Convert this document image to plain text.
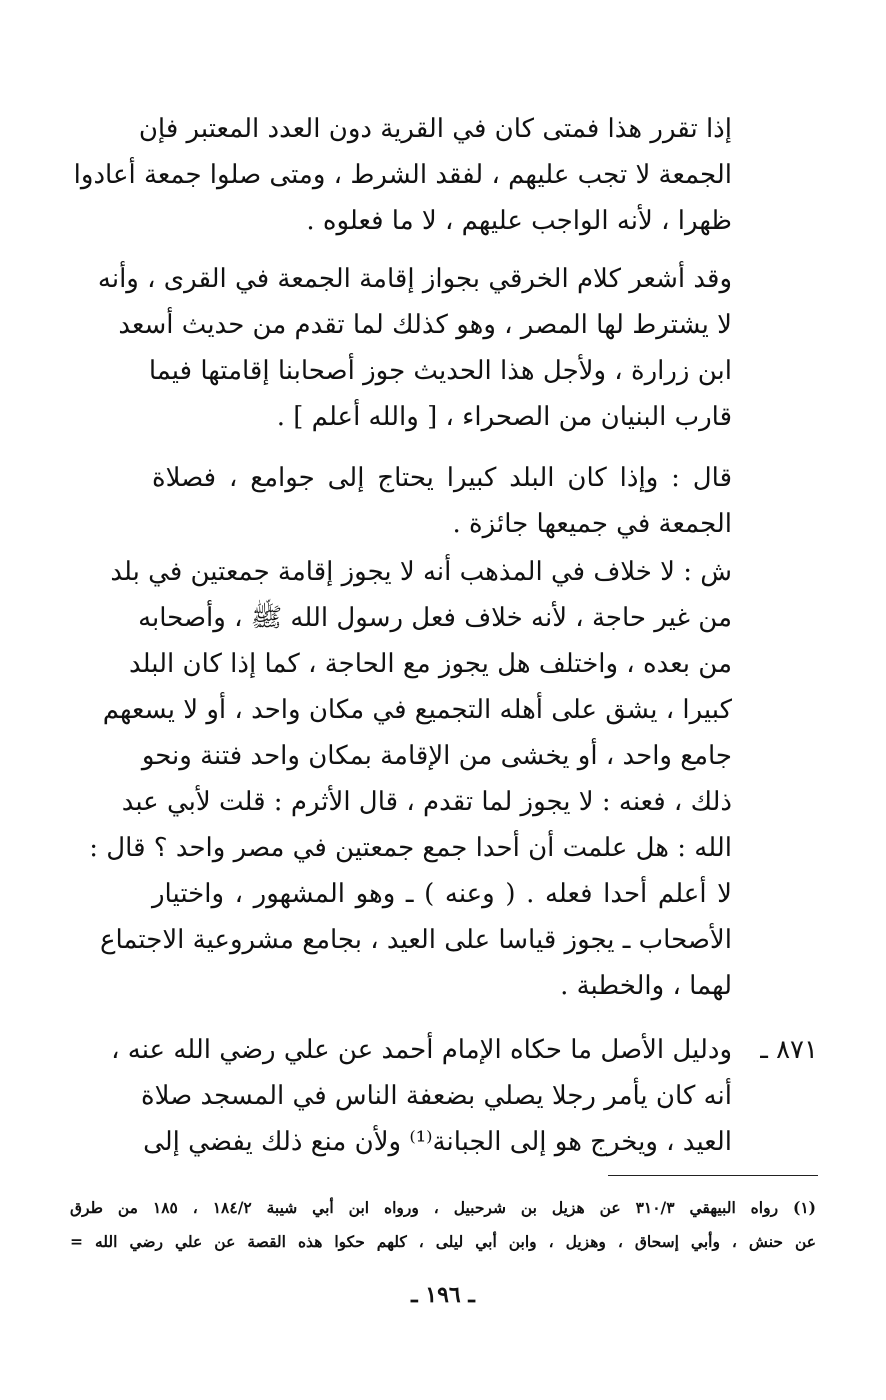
إذا تقرر هذا فمتى كان في القرية دون العدد المعتبر فإن
الجمعة لا تجب عليهم ، لفقد الشرط ، ومتى صلوا جمعة أعادوا
ظهرا ، لأنه الواجب عليهم ، لا ما فعلوه .
وقد أشعر كلام الخرقي بجواز إقامة الجمعة في القرى ، وأنه
لا يشترط لها المصر ، وهو كذلك لما تقدم من حديث أسعد
ابن زرارة ، ولأجل هذا الحديث جوز أصحابنا إقامتها فيما
قارب البنيان من الصحراء ، [ والله أعلم ] .
قال : وإذا كان البلد كبيرا يحتاج إلى جوامع ، فصلاة
الجمعة في جميعها جائزة .
ش : لا خلاف في المذهب أنه لا يجوز إقامة جمعتين في بلد
من غير حاجة ، لأنه خلاف فعل رسول الله ﷺ ، وأصحابه
من بعده ، واختلف هل يجوز مع الحاجة ، كما إذا كان البلد
كبيرا ، يشق على أهله التجميع في مكان واحد ، أو لا يسعهم
جامع واحد ، أو يخشى من الإقامة بمكان واحد فتنة ونحو
ذلك ، فعنه : لا يجوز لما تقدم ، قال الأثرم : قلت لأبي عبد
الله : هل علمت أن أحدا جمع جمعتين في مصر واحد ؟ قال :
لا أعلم أحدا فعله . ( وعنه ) ـ وهو المشهور ، واختيار
الأصحاب ـ يجوز قياسا على العيد ، بجامع مشروعية الاجتماع
لهما ، والخطبة .
٨٧١ ـ
ودليل الأصل ما حكاه الإمام أحمد عن علي رضي الله عنه ،
أنه كان يأمر رجلا يصلي بضعفة الناس في المسجد صلاة
العيد ، ويخرج هو إلى الجبانة⁽¹⁾ ولأن منع ذلك يفضي إلى
(١) رواه البيهقي ٣١٠/٣ عن هزيل بن شرحبيل ، ورواه ابن أبي شيبة ١٨٤/٢ ، ١٨٥ من طرق
عن حنش ، وأبي إسحاق ، وهزيل ، وابن أبي ليلى ، كلهم حكوا هذه القصة عن علي رضي الله =
ـ ١٩٦ ـ
